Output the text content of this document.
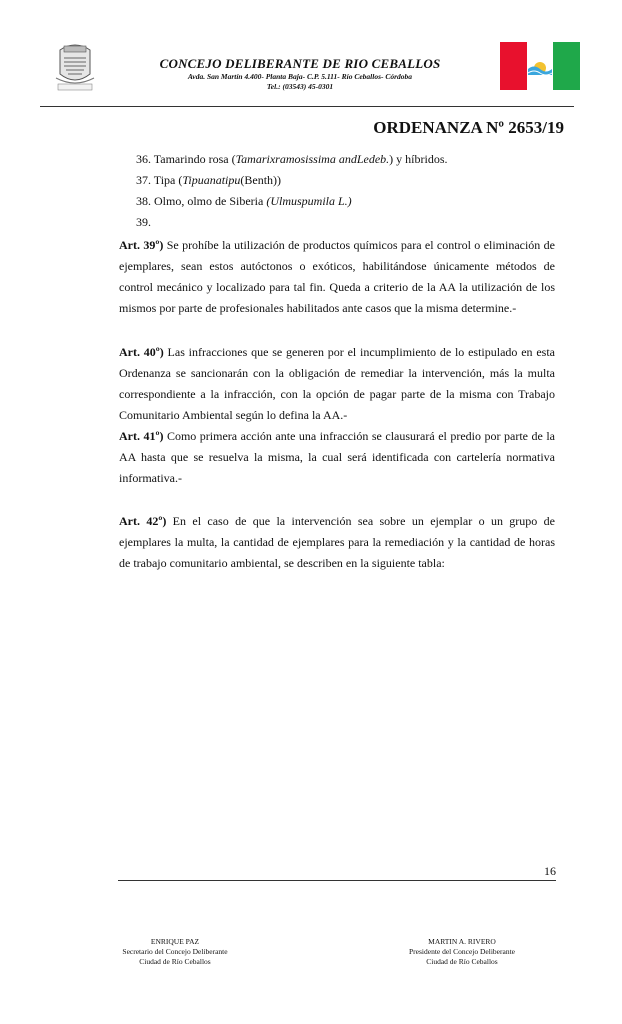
CONCEJO DELIBERANTE DE RIO CEBALLOS
Avda. San Martín 4.400- Planta Baja- C.P. 5.111- Río Ceballos- Córdoba
Tel.: (03543) 45-0301
ORDENANZA Nº 2653/19
36. Tamarindo rosa (Tamarixramosissima andLedeb.) y híbridos.
37. Tipa (Tipuanatipu(Benth))
38. Olmo, olmo de Siberia (Ulmuspumila L.)
39.
Art. 39º) Se prohíbe la utilización de productos químicos para el control o eliminación de ejemplares, sean estos autóctonos o exóticos, habilitándose únicamente métodos de control mecánico y localizado para tal fin. Queda a criterio de la AA la utilización de los mismos por parte de profesionales habilitados ante casos que la misma determine.-
Art. 40º) Las infracciones que se generen por el incumplimiento de lo estipulado en esta Ordenanza se sancionarán con la obligación de remediar la intervención, más la multa correspondiente a la infracción, con la opción de pagar parte de la misma con Trabajo Comunitario Ambiental según lo defina la AA.-
Art. 41º) Como primera acción ante una infracción se clausurará el predio por parte de la AA hasta que se resuelva la misma, la cual será identificada con cartelería normativa informativa.-
Art. 42º) En el caso de que la intervención sea sobre un ejemplar o un grupo de ejemplares la multa, la cantidad de ejemplares para la remediación y la cantidad de horas de trabajo comunitario ambiental, se describen en la siguiente tabla:
16
ENRIQUE PAZ
Secretario del Concejo Deliberante
Ciudad de Río Ceballos
MARTIN A. RIVERO
Presidente del Concejo Deliberante
Ciudad de Río Ceballos
